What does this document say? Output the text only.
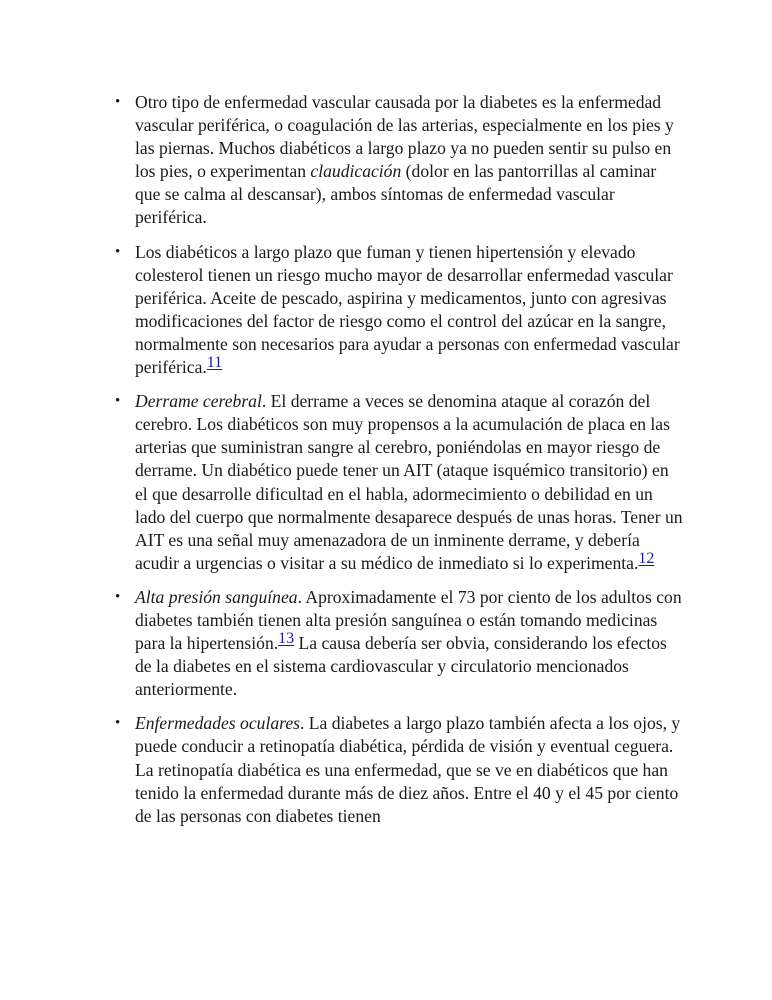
• Otro tipo de enfermedad vascular causada por la diabetes es la enfermedad vascular periférica, o coagulación de las arterias, especialmente en los pies y las piernas. Muchos diabéticos a largo plazo ya no pueden sentir su pulso en los pies, o experimentan claudicación (dolor en las pantorrillas al caminar que se calma al descansar), ambos síntomas de enfermedad vascular periférica.
• Los diabéticos a largo plazo que fuman y tienen hipertensión y elevado colesterol tienen un riesgo mucho mayor de desarrollar enfermedad vascular periférica. Aceite de pescado, aspirina y medicamentos, junto con agresivas modificaciones del factor de riesgo como el control del azúcar en la sangre, normalmente son necesarios para ayudar a personas con enfermedad vascular periférica.11
• Derrame cerebral. El derrame a veces se denomina ataque al corazón del cerebro. Los diabéticos son muy propensos a la acumulación de placa en las arterias que suministran sangre al cerebro, poniéndolas en mayor riesgo de derrame. Un diabético puede tener un AIT (ataque isquémico transitorio) en el que desarrolle dificultad en el habla, adormecimiento o debilidad en un lado del cuerpo que normalmente desaparece después de unas horas. Tener un AIT es una señal muy amenazadora de un inminente derrame, y debería acudir a urgencias o visitar a su médico de inmediato si lo experimenta.12
• Alta presión sanguínea. Aproximadamente el 73 por ciento de los adultos con diabetes también tienen alta presión sanguínea o están tomando medicinas para la hipertensión.13 La causa debería ser obvia, considerando los efectos de la diabetes en el sistema cardiovascular y circulatorio mencionados anteriormente.
• Enfermedades oculares. La diabetes a largo plazo también afecta a los ojos, y puede conducir a retinopatía diabética, pérdida de visión y eventual ceguera. La retinopatía diabética es una enfermedad, que se ve en diabéticos que han tenido la enfermedad durante más de diez años. Entre el 40 y el 45 por ciento de las personas con diabetes tienen
